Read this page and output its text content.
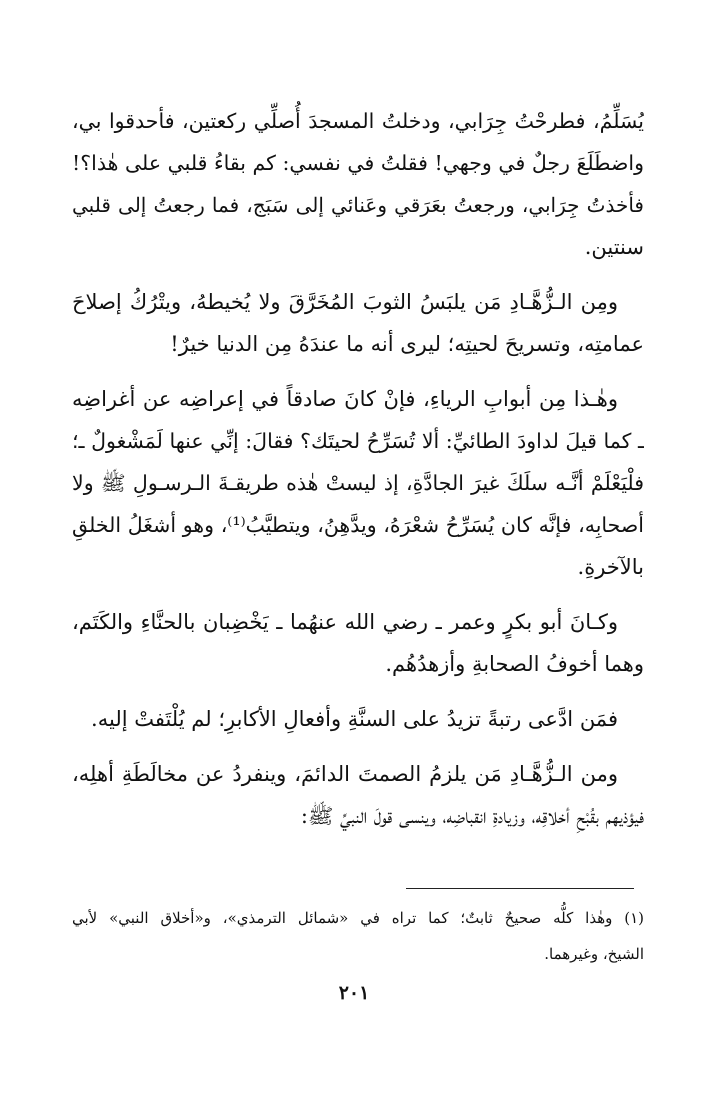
يُسَلِّمُ، فطرحْتُ جِرَابي، ودخلتُ المسجدَ أُصلِّي ركعتين، فأحدقوا بي،
واضطَلَعَ رجلٌ في وجهي! فقلتُ في نفسي: كم بقاءُ قلبي على هٰذا؟!
فأخذتُ جِرَابي، ورجعتُ بعَرَقي وعَنائي إلى سَبَج، فما رجعتُ إلى قلبي
سنتين.
ومِن الـزُّهَّـادِ مَن يلبَسُ الثوبَ المُخَرَّقَ ولا يُخيطهُ، ويتْرُكُ إصلاحَ
عمامتِه، وتسريحَ لحيتِه؛ ليرى أنه ما عندَهُ مِن الدنيا خيرٌ!
وهٰـذا مِن أبوابِ الرياءِ، فإنْ كانَ صادقاً في إعراضِه عن أغراضِه
ـ كما قيلَ لداودَ الطائيِّ: ألا تُسَرِّحُ لحيتَك؟ فقالَ: إنِّي عنها لَمَشْغولٌ ـ؛
فلْيَعْلَمْ أنَّـه سلَكَ غيرَ الجادَّةِ، إذ ليستْ هٰذه طريقـةَ الـرسـولِ ﷺ ولا
أصحابِه، فإنَّه كان يُسَرِّحُ شعْرَهُ، ويدَّهِنُ، ويتطيَّبُ⁽¹⁾، وهو أشغَلُ الخلقِ
بالآخرةِ.
وكـانَ أبو بكرٍ وعمر ـ رضي الله عنهُما ـ يَخْضِبان بالحنَّاءِ والكَتَم،
وهما أخوفُ الصحابةِ وأزهدُهُم.
فمَن ادَّعى رتبةً تزيدُ على السنَّةِ وأفعالِ الأكابرِ؛ لم يُلْتَفتْ إليه.
ومن الـزُّهَّـادِ مَن يلزمُ الصمتَ الدائمَ، وينفردُ عن مخالَطَةِ أهلِه،
فيؤذيهم بقُبْحِ أخلاقِه، وزيادةِ انقباضِه، وينسى قولَ النبيِّ ﷺ:
(١) وهٰذا كلُّه صحيحٌ ثابتٌ؛ كما تراه في «شمائل الترمذي»، و«أخلاق النبي» لأبي
الشيخ، وغيرهما.
٢٠١
